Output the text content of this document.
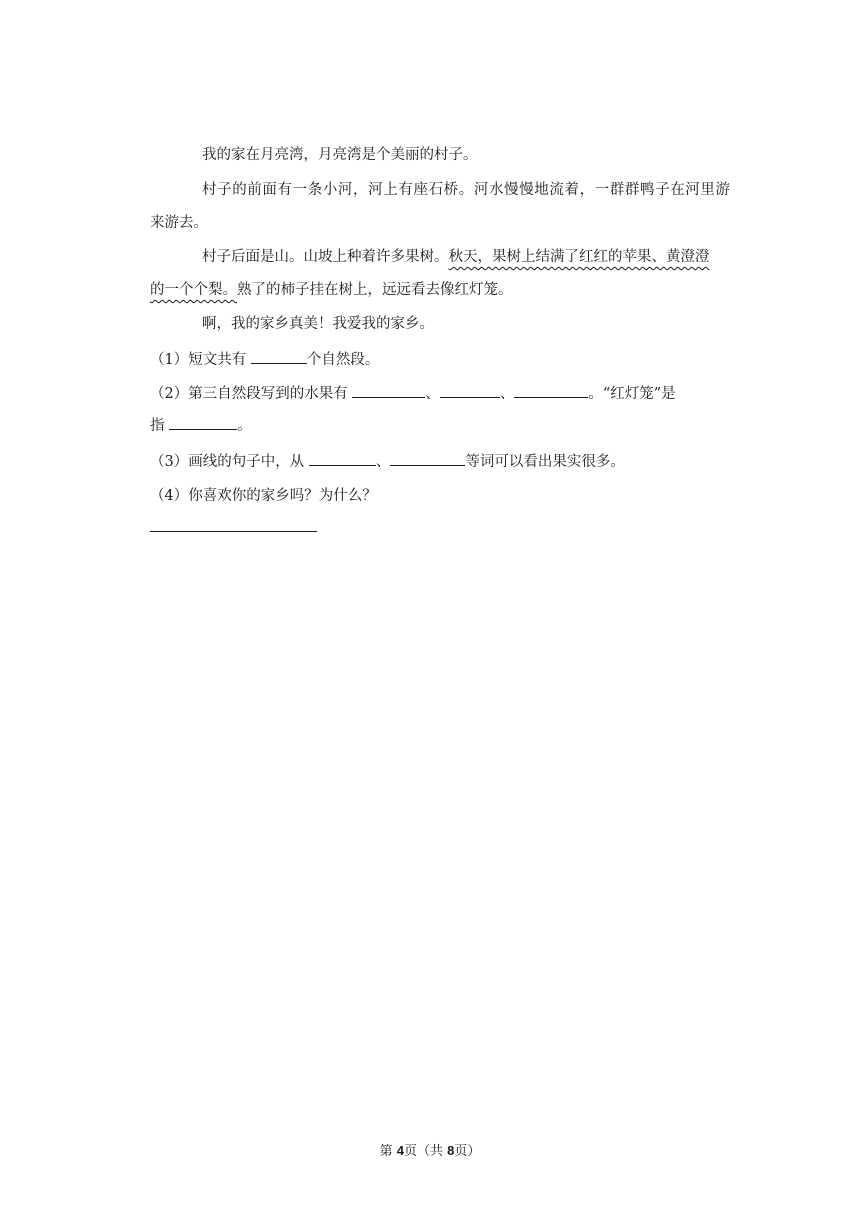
我的家在月亮湾，月亮湾是个美丽的村子。
村子的前面有一条小河，河上有座石桥。河水慢慢地流着，一群群鸭子在河里游
来游去。
村子后面是山。山坡上种着许多果树。秋天，果树上结满了红红的苹果、黄澄澄
的一个个梨。熟了的柿子挂在树上，远远看去像红灯笼。
啊，我的家乡真美！我爱我的家乡。
（1）短文共有	个自然段。
（2）第三自然段写到的水果有	、	、	。“红灯笼”是
指	。
（3）画线的句子中，从	、	等词可以看出果实很多。
（4）你喜欢你的家乡吗？为什么？
第 4页（共 8页）
